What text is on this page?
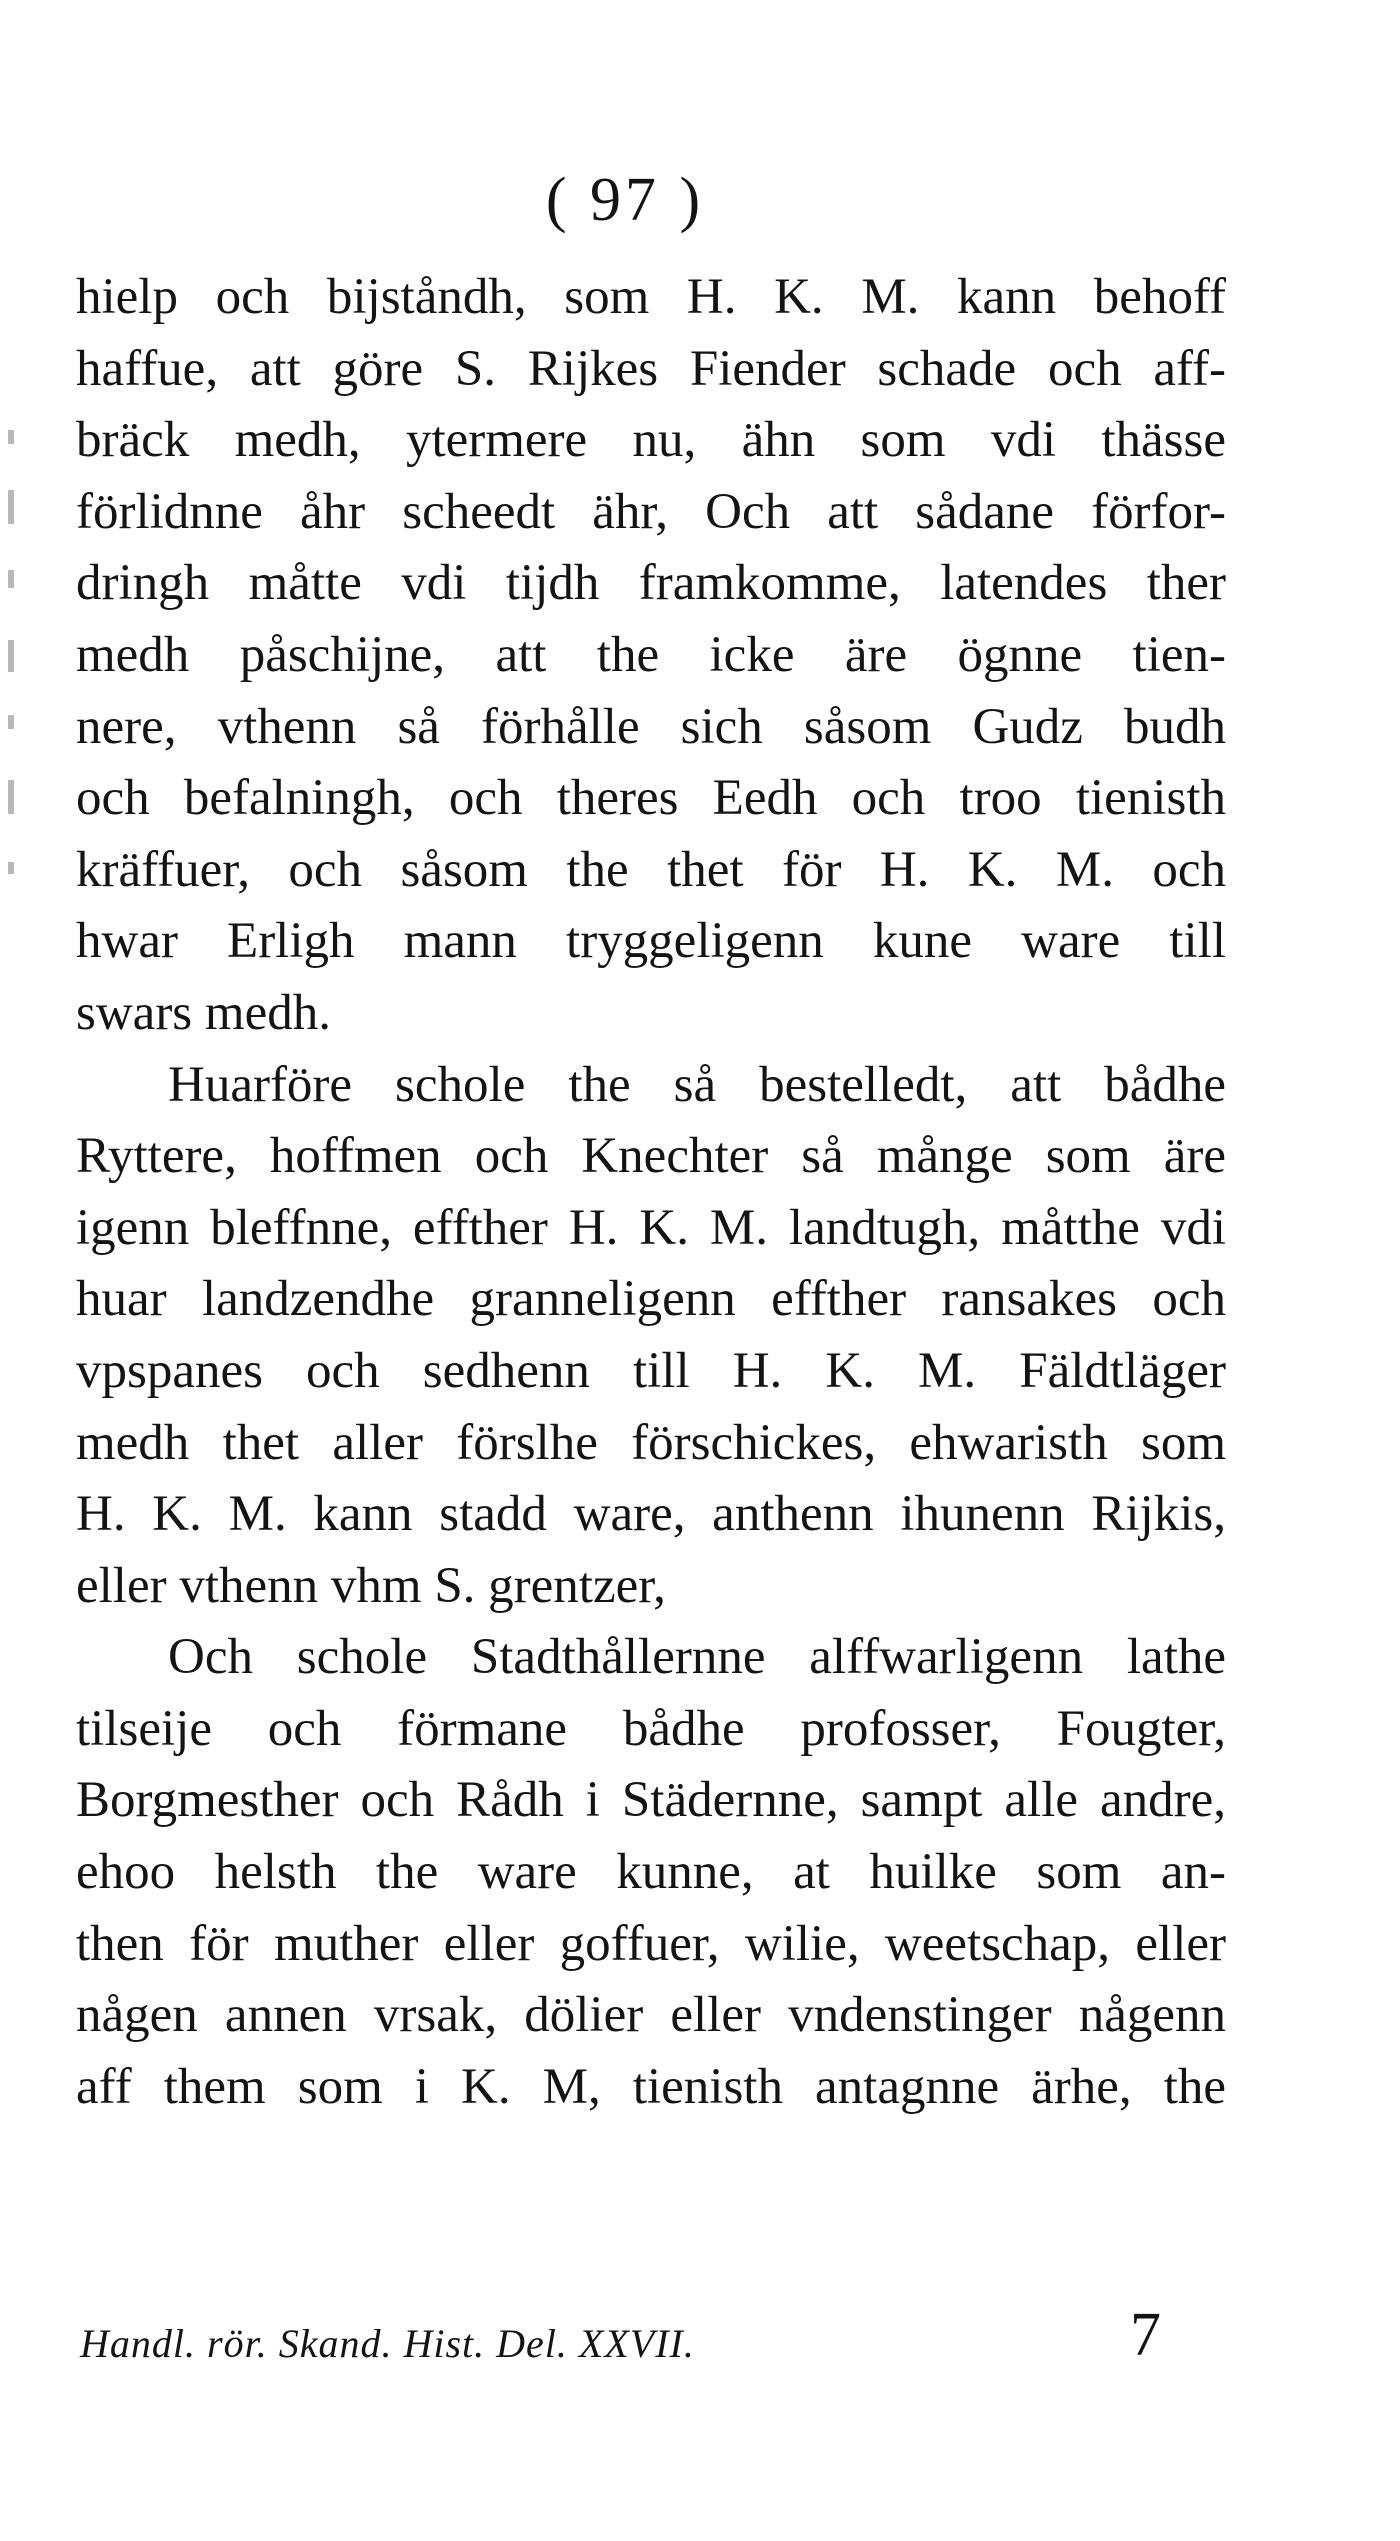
( 97 )
hielp och bijståndh, som H. K. M. kann behoff
haffue, att göre S. Rijkes Fiender schade och aff-
bräck medh, ytermere nu, ähn som vdi thässe
förlidnne åhr scheedt ähr, Och att sådane förfor-
dringh måtte vdi tijdh framkomme, latendes ther
medh påschijne, att the icke äre ögnne tien-
nere, vthenn så förhålle sich såsom Gudz budh
och befalningh, och theres Eedh och troo tienisth
kräffuer, och såsom the thet för H. K. M. och
hwar Erligh mann tryggeligenn kune ware till
swars medh.
Huarföre schole the så bestelledt, att bådhe
Ryttere, hoffmen och Knechter så månge som äre
igenn bleffnne, effther H. K. M. landtugh, måtthe vdi
huar landzendhe granneligenn effther ransakes och
vpspanes och sedhenn till H. K. M. Fäldtläger
medh thet aller förslhe förschickes, ehwaristh som
H. K. M. kann stadd ware, anthenn ihunenn Rijkis,
eller vthenn vhm S. grentzer,
Och schole Stadthållernne alffwarligenn lathe
tilseije och förmane bådhe profosser, Fougter,
Borgmesther och Rådh i Städernne, sampt alle andre,
ehoo helsth the ware kunne, at huilke som an-
then för muther eller goffuer, wilie, weetschap, eller
någen annen vrsak, dölier eller vndenstinger någenn
aff them som i K. M, tienisth antagnne ärhe, the
Handl. rör. Skand. Hist. Del. XXVII.	7
